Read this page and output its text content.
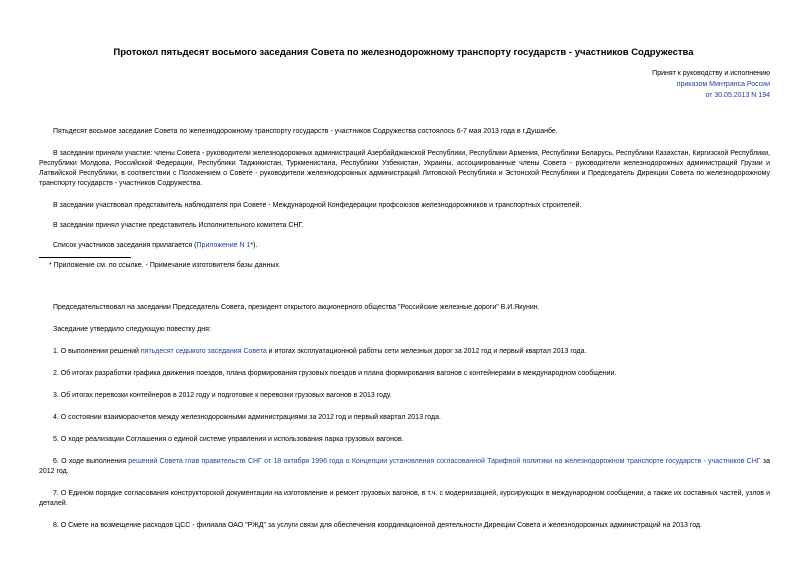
Протокол пятьдесят восьмого заседания Совета по железнодорожному транспорту государств - участников Содружества
Принят к руководству и исполнению
приказом Минтранса России
от 30.05.2013 N 194

Пятьдесят восьмое заседание Совета по железнодорожному транспорту государств - участников Содружества состоялось 6-7 мая 2013 года в г.Душанбе.

В заседании приняли участие: члены Совета - руководители железнодорожных администраций Азербайджанской Республики, Республики Армения, Республики Беларусь, Республики Казахстан, Киргизской Республики, Республики Молдова, Российской Федерации, Республики Таджикистан, Туркменистана, Республики Узбекистан, Украины, ассоциированные члены Совета - руководители железнодорожных администраций Грузии и Латвийской Республики, в соответствии с Положением о Совете - руководители железнодорожных администраций Литовской Республики и Эстонской Республики и Председатель Дирекции Совета по железнодорожному транспорту государств - участников Содружества.

В заседании участвовал представитель наблюдателя при Совете - Международной Конфедерации профсоюзов железнодорожников и транспортных строителей.

В заседании принял участие представитель Исполнительного комитета СНГ.

Список участников заседания прилагается (Приложение N 1*).

* Приложение см. по ссылке. - Примечание изготовителя базы данных.

Председательствовал на заседании Председатель Совета, президент открытого акционерного общества "Российские железные дороги" В.И.Якунин.

Заседание утвердило следующую повестку дня:

1. О выполнении решений пятьдесят седьмого заседания Совета и итогах эксплуатационной работы сети железных дорог за 2012 год и первый квартал 2013 года.

2. Об итогах разработки графика движения поездов, плана формирования грузовых поездов и плана формирования вагонов с контейнерами в международном сообщении.

3. Об итогах перевозки контейнеров в 2012 году и подготовке к перевозки грузовых вагонов в 2013 году.

4. О состоянии взаиморасчетов между железнодорожными администрациями за 2012 год и первый квартал 2013 года.

5. О ходе реализации Соглашения о единой системе управления и использования парка грузовых вагонов.

6. О ходе выполнения решений Совета глав правительств СНГ от 18 октября 1996 года о Концепции установления согласованной Тарифной политики на железнодорожном транспорте государств - участников СНГ за 2012 год.

7. О Едином порядке согласования конструкторской документации на изготовление и ремонт грузовых вагонов, в т.ч. с модернизацией, курсирующих в международном сообщении, а также их составных частей, узлов и деталей.

8. О Смете на возмещение расходов ЦСС - филиала ОАО "РЖД" за услуги связи для обеспечения координационной деятельности Дирекции Совета и железнодорожных администраций на 2013 год.
